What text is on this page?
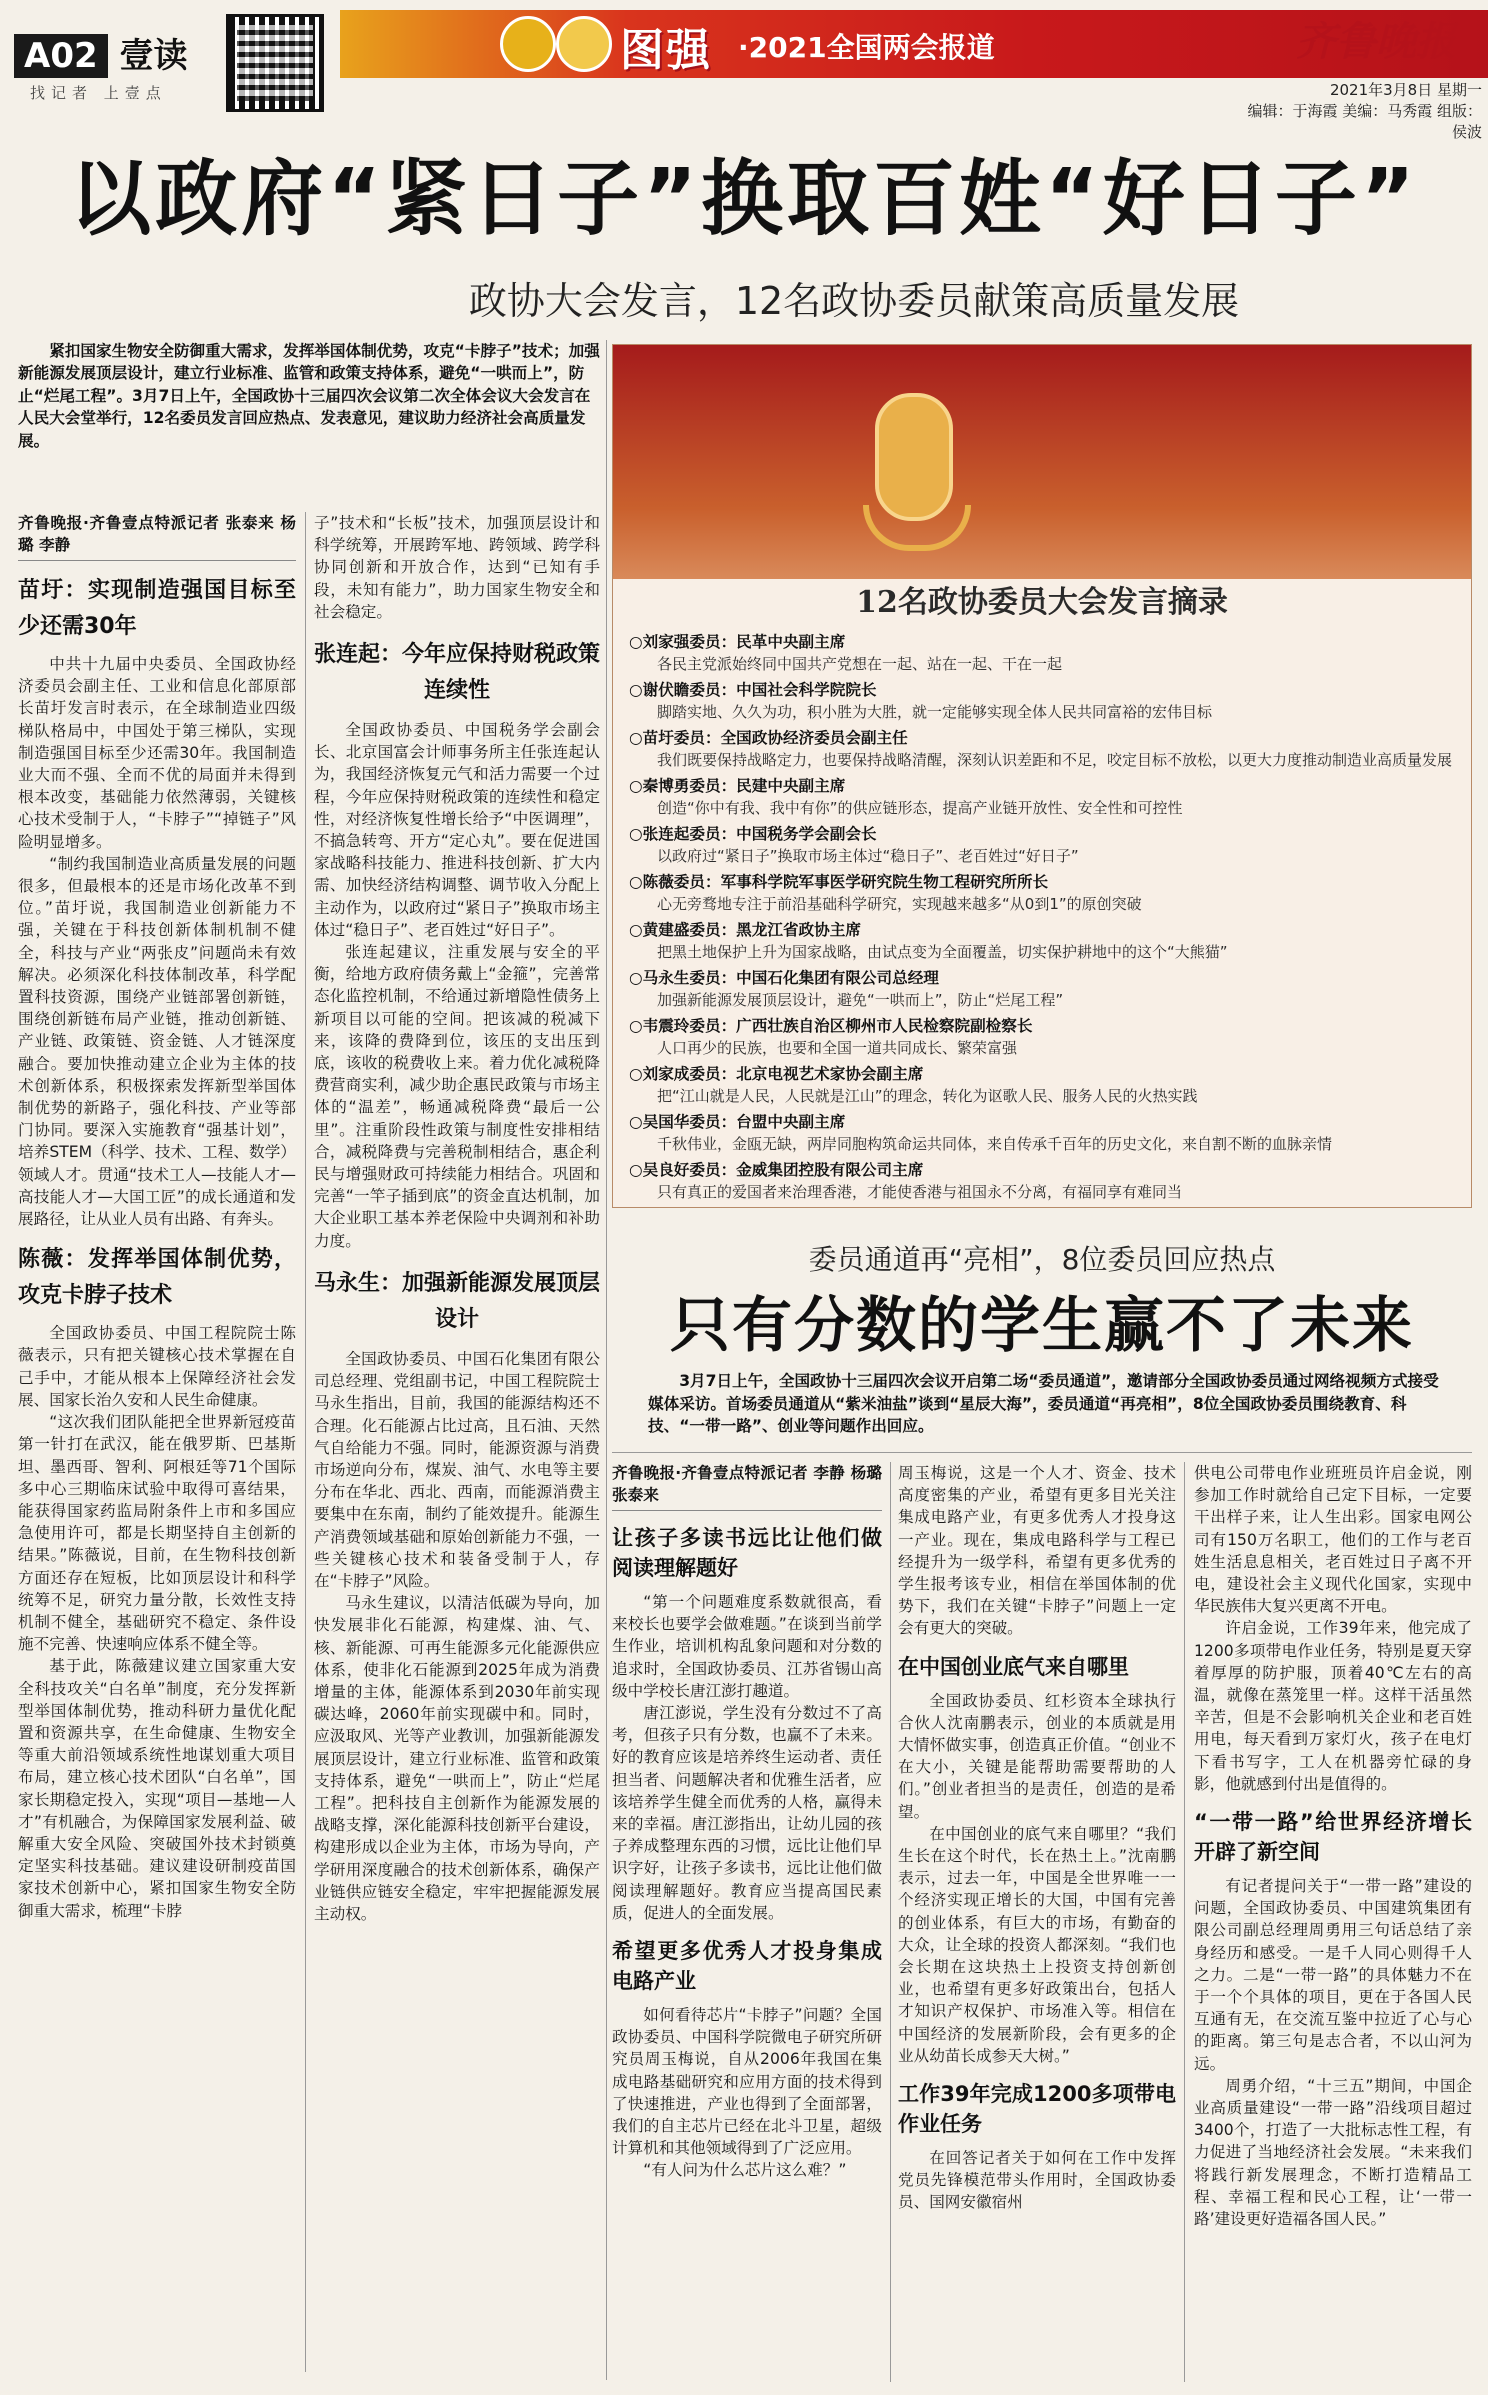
A02 壹读
找记者 上壹点
图强 ·2021全国两会报道	齐鲁晚报
2021年3月8日 星期一
编辑：于海霞 美编：马秀霞 组版：侯波
以政府“紧日子”换取百姓“好日子”
政协大会发言，12名政协委员献策高质量发展
紧扣国家生物安全防御重大需求，发挥举国体制优势，攻克“卡脖子”技术；加强新能源发展顶层设计，建立行业标准、监管和政策支持体系，避免“一哄而上”，防止“烂尾工程”。3月7日上午，全国政协十三届四次会议第二次全体会议大会发言在人民大会堂举行，12名委员发言回应热点、发表意见，建议助力经济社会高质量发展。
齐鲁晚报·齐鲁壹点特派记者 张泰来 杨璐 李静
苗圩：实现制造强国目标至少还需30年

中共十九届中央委员、全国政协经济委员会副主任、工业和信息化部原部长苗圩发言时表示，在全球制造业四级梯队格局中，中国处于第三梯队，实现制造强国目标至少还需30年。我国制造业大而不强、全而不优的局面并未得到根本改变，基础能力依然薄弱，关键核心技术受制于人，“卡脖子”“掉链子”风险明显增多。

“制约我国制造业高质量发展的问题很多，但最根本的还是市场化改革不到位。”苗圩说，我国制造业创新能力不强，关键在于科技创新体制机制不健全，科技与产业“两张皮”问题尚未有效解决。必须深化科技体制改革，科学配置科技资源，围绕产业链部署创新链，围绕创新链布局产业链，推动创新链、产业链、政策链、资金链、人才链深度融合。要加快推动建立企业为主体的技术创新体系，积极探索发挥新型举国体制优势的新路子，强化科技、产业等部门协同。要深入实施教育“强基计划”，培养STEM（科学、技术、工程、数学）领域人才。贯通“技术工人—技能人才—高技能人才—大国工匠”的成长通道和发展路径，让从业人员有出路、有奔头。

陈薇：发挥举国体制优势，攻克卡脖子技术

全国政协委员、中国工程院院士陈薇表示，只有把关键核心技术掌握在自己手中，才能从根本上保障经济社会发展、国家长治久安和人民生命健康。

“这次我们团队能把全世界新冠疫苗第一针打在武汉，能在俄罗斯、巴基斯坦、墨西哥、智利、阿根廷等71个国际多中心三期临床试验中取得可喜结果，能获得国家药监局附条件上市和多国应急使用许可，都是长期坚持自主创新的结果。”陈薇说，目前，在生物科技创新方面还存在短板，比如顶层设计和科学统筹不足，研究力量分散，长效性支持机制不健全，基础研究不稳定、条件设施不完善、快速响应体系不健全等。

基于此，陈薇建议建立国家重大安全科技攻关“白名单”制度，充分发挥新型举国体制优势，推动科研力量优化配置和资源共享，在生命健康、生物安全等重大前沿领域系统性地谋划重大项目布局，建立核心技术团队“白名单”，国家长期稳定投入，实现“项目—基地—人才”有机融合，为保障国家发展利益、破解重大安全风险、突破国外技术封锁奠定坚实科技基础。建议建设研制疫苗国家技术创新中心，紧扣国家生物安全防御重大需求，梳理“卡脖

子”技术和“长板”技术，加强顶层设计和科学统筹，开展跨军地、跨领域、跨学科协同创新和开放合作，达到“已知有手段，未知有能力”，助力国家生物安全和社会稳定。

张连起：今年应保持财税政策连续性

全国政协委员、中国税务学会副会长、北京国富会计师事务所主任张连起认为，我国经济恢复元气和活力需要一个过程，今年应保持财税政策的连续性和稳定性，对经济恢复性增长给予“中医调理”，不搞急转弯、开方“定心丸”。要在促进国家战略科技能力、推进科技创新、扩大内需、加快经济结构调整、调节收入分配上主动作为，以政府过“紧日子”换取市场主体过“稳日子”、老百姓过“好日子”。

张连起建议，注重发展与安全的平衡，给地方政府债务戴上“金箍”，完善常态化监控机制，不给通过新增隐性债务上新项目以可能的空间。把该减的税减下来，该降的费降到位，该压的支出压到底，该收的税费收上来。着力优化减税降费营商实利，减少助企惠民政策与市场主体的“温差”，畅通减税降费“最后一公里”。注重阶段性政策与制度性安排相结合，减税降费与完善税制相结合，惠企利民与增强财政可持续能力相结合。巩固和完善“一竿子插到底”的资金直达机制，加大企业职工基本养老保险中央调剂和补助力度。

马永生：加强新能源发展顶层设计

全国政协委员、中国石化集团有限公司总经理、党组副书记，中国工程院院士马永生指出，目前，我国的能源结构还不合理。化石能源占比过高，且石油、天然气自给能力不强。同时，能源资源与消费市场逆向分布，煤炭、油气、水电等主要分布在华北、西北、西南，而能源消费主要集中在东南，制约了能效提升。能源生产消费领域基础和原始创新能力不强，一些关键核心技术和装备受制于人，存在“卡脖子”风险。

马永生建议，以清洁低碳为导向，加快发展非化石能源，构建煤、油、气、核、新能源、可再生能源多元化能源供应体系，使非化石能源到2025年成为消费增量的主体，能源体系到2030年前实现碳达峰，2060年前实现碳中和。同时，应汲取风、光等产业教训，加强新能源发展顶层设计，建立行业标准、监管和政策支持体系，避免“一哄而上”，防止“烂尾工程”。把科技自主创新作为能源发展的战略支撑，深化能源科技创新平台建设，构建形成以企业为主体，市场为导向，产学研用深度融合的技术创新体系，确保产业链供应链安全稳定，牢牢把握能源发展主动权。

12名政协委员大会发言摘录
○刘家强委员：民革中央副主席
各民主党派始终同中国共产党想在一起、站在一起、干在一起
○谢伏瞻委员：中国社会科学院院长
脚踏实地、久久为功，积小胜为大胜，就一定能够实现全体人民共同富裕的宏伟目标
○苗圩委员：全国政协经济委员会副主任
我们既要保持战略定力，也要保持战略清醒，深刻认识差距和不足，咬定目标不放松，以更大力度推动制造业高质量发展
○秦博勇委员：民建中央副主席
创造“你中有我、我中有你”的供应链形态，提高产业链开放性、安全性和可控性
○张连起委员：中国税务学会副会长
以政府过“紧日子”换取市场主体过“稳日子”、老百姓过“好日子”
○陈薇委员：军事科学院军事医学研究院生物工程研究所所长
心无旁骛地专注于前沿基础科学研究，实现越来越多“从0到1”的原创突破
○黄建盛委员：黑龙江省政协主席
把黑土地保护上升为国家战略，由试点变为全面覆盖，切实保护耕地中的这个“大熊猫”
○马永生委员：中国石化集团有限公司总经理
加强新能源发展顶层设计，避免“一哄而上”，防止“烂尾工程”
○韦震玲委员：广西壮族自治区柳州市人民检察院副检察长
人口再少的民族，也要和全国一道共同成长、繁荣富强
○刘家成委员：北京电视艺术家协会副主席
把“江山就是人民，人民就是江山”的理念，转化为讴歌人民、服务人民的火热实践
○吴国华委员：台盟中央副主席
千秋伟业，金瓯无缺，两岸同胞构筑命运共同体，来自传承千百年的历史文化，来自割不断的血脉亲情
○吴良好委员：金威集团控股有限公司主席
只有真正的爱国者来治理香港，才能使香港与祖国永不分离，有福同享有难同当
委员通道再“亮相”，8位委员回应热点
只有分数的学生赢不了未来
3月7日上午，全国政协十三届四次会议开启第二场“委员通道”，邀请部分全国政协委员通过网络视频方式接受媒体采访。首场委员通道从“紫米油盐”谈到“星辰大海”，委员通道“再亮相”，8位全国政协委员围绕教育、科技、“一带一路”、创业等问题作出回应。
齐鲁晚报·齐鲁壹点特派记者 李静 杨璐 张泰来
让孩子多读书远比让他们做阅读理解题好

“第一个问题难度系数就很高，看来校长也要学会做难题。”在谈到当前学生作业，培训机构乱象问题和对分数的追求时，全国政协委员、江苏省锡山高级中学校长唐江澎打趣道。

唐江澎说，学生没有分数过不了高考，但孩子只有分数，也赢不了未来。好的教育应该是培养终生运动者、责任担当者、问题解决者和优雅生活者，应该培养学生健全而优秀的人格，赢得未来的幸福。唐江澎指出，让幼儿园的孩子养成整理东西的习惯，远比让他们早识字好，让孩子多读书，远比让他们做阅读理解题好。教育应当提高国民素质，促进人的全面发展。

希望更多优秀人才投身集成电路产业

如何看待芯片“卡脖子”问题？全国政协委员、中国科学院微电子研究所研究员周玉梅说，自从2006年我国在集成电路基础研究和应用方面的技术得到了快速推进，产业也得到了全面部署，我们的自主芯片已经在北斗卫星，超级计算机和其他领域得到了广泛应用。

“有人问为什么芯片这么难？”

周玉梅说，这是一个人才、资金、技术高度密集的产业，希望有更多目光关注集成电路产业，有更多优秀人才投身这一产业。现在，集成电路科学与工程已经提升为一级学科，希望有更多优秀的学生报考该专业，相信在举国体制的优势下，我们在关键“卡脖子”问题上一定会有更大的突破。

在中国创业底气来自哪里

全国政协委员、红杉资本全球执行合伙人沈南鹏表示，创业的本质就是用大情怀做实事，创造真正价值。“创业不在大小，关键是能帮助需要帮助的人们。”创业者担当的是责任，创造的是希望。

在中国创业的底气来自哪里？“我们生长在这个时代，长在热土上。”沈南鹏表示，过去一年，中国是全世界唯一一个经济实现正增长的大国，中国有完善的创业体系，有巨大的市场，有勤奋的大众，让全球的投资人都深刻。“我们也会长期在这块热土上投资支持创新创业，也希望有更多好政策出台，包括人才知识产权保护、市场准入等。相信在中国经济的发展新阶段，会有更多的企业从幼苗长成参天大树。”

工作39年完成1200多项带电作业任务

在回答记者关于如何在工作中发挥党员先锋模范带头作用时，全国政协委员、国网安徽宿州

供电公司带电作业班班员许启金说，刚参加工作时就给自己定下目标，一定要干出样子来，让人生出彩。国家电网公司有150万名职工，他们的工作与老百姓生活息息相关，老百姓过日子离不开电，建设社会主义现代化国家，实现中华民族伟大复兴更离不开电。

许启金说，工作39年来，他完成了1200多项带电作业任务，特别是夏天穿着厚厚的防护服，顶着40℃左右的高温，就像在蒸笼里一样。这样干活虽然辛苦，但是不会影响机关企业和老百姓用电，每天看到万家灯火，孩子在电灯下看书写字，工人在机器旁忙碌的身影，他就感到付出是值得的。

“一带一路”给世界经济增长开辟了新空间

有记者提问关于“一带一路”建设的问题，全国政协委员、中国建筑集团有限公司副总经理周勇用三句话总结了亲身经历和感受。一是千人同心则得千人之力。二是“一带一路”的具体魅力不在于一个个具体的项目，更在于各国人民互通有无，在交流互鉴中拉近了心与心的距离。第三句是志合者，不以山河为远。

周勇介绍，“十三五”期间，中国企业高质量建设“一带一路”沿线项目超过3400个，打造了一大批标志性工程，有力促进了当地经济社会发展。“未来我们将践行新发展理念，不断打造精品工程、幸福工程和民心工程，让‘一带一路’建设更好造福各国人民。”
